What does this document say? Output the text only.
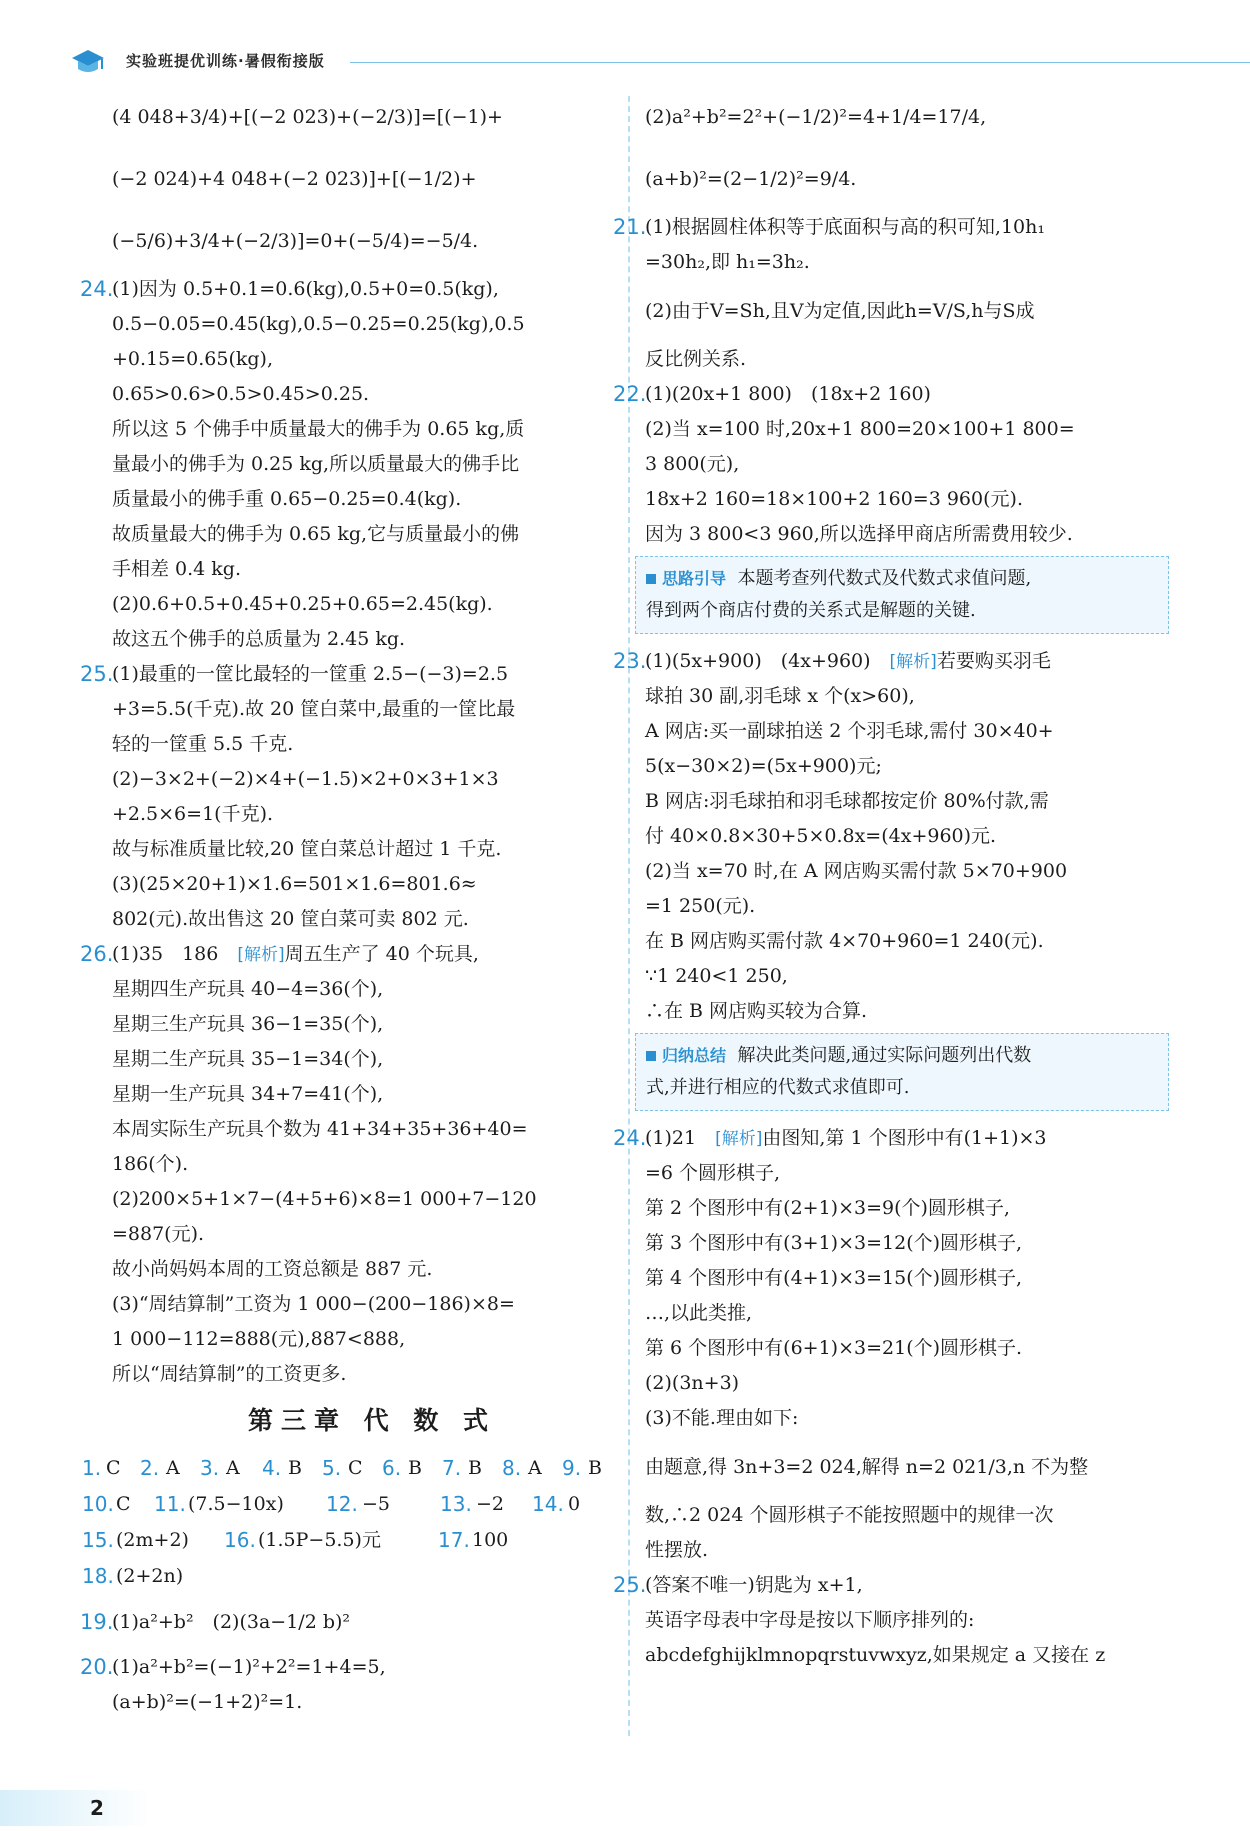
实验班提优训练·暑假衔接版
(4 048+3/4)+[(−2 023)+(−2/3)]=[(−1)+
(−2 024)+4 048+(−2 023)]+[(−1/2)+
(−5/6)+3/4+(−2/3)]=0+(−5/4)=−5/4.
24.
(1)因为 0.5+0.1=0.6(kg),0.5+0=0.5(kg),
0.5−0.05=0.45(kg),0.5−0.25=0.25(kg),0.5
+0.15=0.65(kg),
0.65>0.6>0.5>0.45>0.25.
所以这 5 个佛手中质量最大的佛手为 0.65 kg,质
量最小的佛手为 0.25 kg,所以质量最大的佛手比
质量最小的佛手重 0.65−0.25=0.4(kg).
故质量最大的佛手为 0.65 kg,它与质量最小的佛
手相差 0.4 kg.
(2)0.6+0.5+0.45+0.25+0.65=2.45(kg).
故这五个佛手的总质量为 2.45 kg.
25.
(1)最重的一筐比最轻的一筐重 2.5−(−3)=2.5
+3=5.5(千克).故 20 筐白菜中,最重的一筐比最
轻的一筐重 5.5 千克.
(2)−3×2+(−2)×4+(−1.5)×2+0×3+1×3
+2.5×6=1(千克).
故与标准质量比较,20 筐白菜总计超过 1 千克.
(3)(25×20+1)×1.6=501×1.6=801.6≈
802(元).故出售这 20 筐白菜可卖 802 元.
26.
(1)35　186　[解析]周五生产了 40 个玩具,
星期四生产玩具 40−4=36(个),
星期三生产玩具 36−1=35(个),
星期二生产玩具 35−1=34(个),
星期一生产玩具 34+7=41(个),
本周实际生产玩具个数为 41+34+35+36+40=
186(个).
(2)200×5+1×7−(4+5+6)×8=1 000+7−120
=887(元).
故小尚妈妈本周的工资总额是 887 元.
(3)“周结算制”工资为 1 000−(200−186)×8=
1 000−112=888(元),887<888,
所以“周结算制”的工资更多.
第三章 代 数 式
1. C 2. A 3. A 4. B 5. C 6. B 7. B 8. A 9. B
10. C 11. (7.5−10x) 12. −5 13. −2 14. 0
15. (2m+2) 16. (1.5P−5.5)元	17. 100
18. (2+2n)
19.
(1)a²+b²　(2)(3a−1/2 b)²
20.
(1)a²+b²=(−1)²+2²=1+4=5,
(a+b)²=(−1+2)²=1.
(2)a²+b²=2²+(−1/2)²=4+1/4=17/4,
(a+b)²=(2−1/2)²=9/4.
21.
(1)根据圆柱体积等于底面积与高的积可知,10h₁
=30h₂,即 h₁=3h₂.
(2)由于V=Sh,且V为定值,因此h=V/S,h与S成
反比例关系.
22.
(1)(20x+1 800)　(18x+2 160)
(2)当 x=100 时,20x+1 800=20×100+1 800=
3 800(元),
18x+2 160=18×100+2 160=3 960(元).
因为 3 800<3 960,所以选择甲商店所需费用较少.
思路引导 本题考查列代数式及代数式求值问题,
得到两个商店付费的关系式是解题的关键.
23.
(1)(5x+900)　(4x+960)　[解析]若要购买羽毛
球拍 30 副,羽毛球 x 个(x>60),
A 网店:买一副球拍送 2 个羽毛球,需付 30×40+
5(x−30×2)=(5x+900)元;
B 网店:羽毛球拍和羽毛球都按定价 80%付款,需
付 40×0.8×30+5×0.8x=(4x+960)元.
(2)当 x=70 时,在 A 网店购买需付款 5×70+900
=1 250(元).
在 B 网店购买需付款 4×70+960=1 240(元).
∵1 240<1 250,
∴在 B 网店购买较为合算.
归纳总结 解决此类问题,通过实际问题列出代数
式,并进行相应的代数式求值即可.
24.
(1)21　[解析]由图知,第 1 个图形中有(1+1)×3
=6 个圆形棋子,
第 2 个图形中有(2+1)×3=9(个)圆形棋子,
第 3 个图形中有(3+1)×3=12(个)圆形棋子,
第 4 个图形中有(4+1)×3=15(个)圆形棋子,
…,以此类推,
第 6 个图形中有(6+1)×3=21(个)圆形棋子.
(2)(3n+3)
(3)不能.理由如下:
由题意,得 3n+3=2 024,解得 n=2 021/3,n 不为整
数,∴2 024 个圆形棋子不能按照题中的规律一次
性摆放.
25.
(答案不唯一)钥匙为 x+1,
英语字母表中字母是按以下顺序排列的:
abcdefghijklmnopqrstuvwxyz,如果规定 a 又接在 z
2
